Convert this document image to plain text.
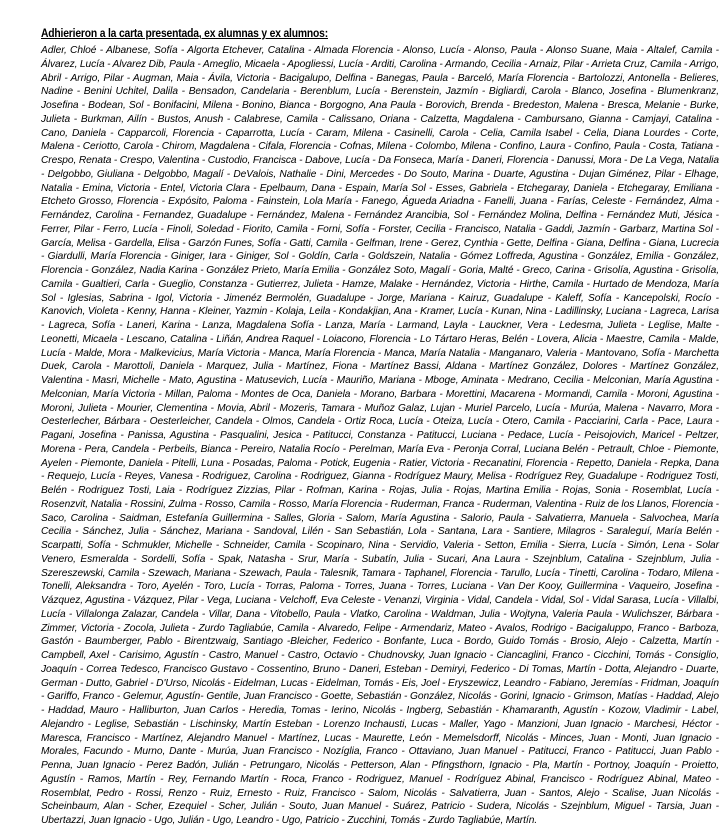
Adhierieron a la carta presentada, ex alumnas y ex alumnos:

Adler, Chloé - Albanese, Sofía - Algorta Etchever, Catalina - Almada Florencia - Alonso, Lucía - Alonso, Paula - Alonso Suane, Maia - Altalef, Camila - Álvarez, Lucía - Alvarez Dib, Paula - Ameglio, Micaela - Apogliessi, Lucía - Arditi, Carolina - Armando, Cecilia - Arnaiz, Pilar - Arrieta Cruz, Camila - Arrigo, Abril - Arrigo, Pilar - Augman, Maia - Ávila, Victoria - Bacigalupo, Delfina - Banegas, Paula - Barceló, María Florencia - Bartolozzi, Antonella - Belieres, Nadine - Benini Uchitel, Dalila - Bensadon, Candelaria - Berenblum, Lucía - Berenstein, Jazmín - Bigliardi, Carola - Blanco, Josefina - Blumenkranz, Josefina - Bodean, Sol - Bonifacini, Milena - Bonino, Bianca - Borgogno, Ana Paula - Borovich, Brenda - Bredeston, Malena - Bresca, Melanie - Burke, Julieta - Burkman, Ailín - Bustos, Anush - Calabrese, Camila - Calissano, Oriana - Calzetta, Magdalena - Cambursano, Gianna - Camjayi, Catalina - Cano, Daniela - Capparcoli, Florencia - Caparrotta, Lucía - Caram, Milena - Casinelli, Carola - Celia, Camila Isabel - Celia, Diana Lourdes - Corte, Malena - Ceriotto, Carola - Chirom, Magdalena - Cifala, Florencia - Cofnas, Milena - Colombo, Milena - Confino, Laura - Confino, Paula - Costa, Tatiana - Crespo, Renata - Crespo, Valentina - Custodio, Francisca - Dabove, Lucía - Da Fonseca, María - Daneri, Florencia - Danussi, Mora - De La Vega, Natalia - Delgobbo, Giuliana - Delgobbo, Magalí - DeValois, Nathalie - Dini, Mercedes - Do Souto, Marina - Duarte, Agustina - Dujan Giménez, Pilar - Elhage, Natalia - Emina, Victoria - Entel, Victoria Clara - Epelbaum, Dana - Espain, María Sol - Esses, Gabriela - Etchegaray, Daniela - Etchegaray, Emiliana - Etcheto Grosso, Florencia - Expósito, Paloma - Fainstein, Lola María - Fanego, Águeda Ariadna - Fanelli, Juana - Farías, Celeste - Fernández, Alma - Fernández, Carolina - Fernandez, Guadalupe - Fernández, Malena - Fernández Arancibia, Sol - Fernández Molina, Delfina - Fernández Muti, Jésica - Ferrer, Pilar - Ferro, Lucía - Finoli, Soledad - Fiorito, Camila - Forni, Sofía - Forster, Cecilia - Francisco, Natalia - Gaddi, Jazmín - Garbarz, Martina Sol - García, Melisa - Gardella, Elisa - Garzón Funes, Sofía - Gatti, Camila - Gelfman, Irene - Gerez, Cynthia - Gette, Delfina - Giana, Delfina - Giana, Lucrecia - Giardulli, María Florencia - Giniger, Iara - Giniger, Sol - Goldín, Carla - Goldszein, Natalia - Gómez Loffreda, Agustina - González, Emilia - González, Florencia - González, Nadia Karina - González Prieto, María Emilia - González Soto, Magalí - Goria, Malté - Greco, Carina - Grisolía, Agustina - Grisolía, Camila - Gualtieri, Carla - Gueglio, Constanza - Gutierrez, Julieta - Hamze, Malake - Hernández, Victoria - Hirthe, Camila - Hurtado de Mendoza, María Sol - Iglesias, Sabrina - Igol, Victoria - Jimenéz Bermolén, Guadalupe - Jorge, Mariana - Kairuz, Guadalupe - Kaleff, Sofía - Kancepolski, Rocío - Kanovich, Violeta - Kenny, Hanna - Kleiner, Yazmin - Kolaja, Leila - Kondakjian, Ana - Kramer, Lucía - Kunan, Nina - Ladillinsky, Luciana - Lagreca, Larisa - Lagreca, Sofía - Laneri, Karina - Lanza, Magdalena Sofía - Lanza, María - Larmand, Layla - Lauckner, Vera - Ledesma, Julieta - Leglise, Malte - Leonetti, Micaela - Lescano, Catalina - Liñán, Andrea Raquel - Loiacono, Florencia - Lo Tártaro Heras, Belén - Lovera, Alicia - Maestre, Camila - Malde, Lucía - Malde, Mora - Malkevicius, María Victoria - Manca, María Florencia - Manca, María Natalia - Manganaro, Valeria - Mantovano, Sofía - Marchetta Duek, Carola - Marottoli, Daniela - Marquez, Julia - Martínez, Fiona - Martínez Bassi, Aldana - Martínez González, Dolores - Martínez González, Valentina - Masri, Michelle - Mato, Agustina - Matusevich, Lucía - Mauriño, Mariana - Mboge, Aminata - Medrano, Cecilia - Melconian, María Agustina - Melconian, María Victoria - Millan, Paloma - Montes de Oca, Daniela - Morano, Barbara - Morettini, Macarena - Mormandi, Camila - Moroni, Agustina - Moroni, Julieta - Mourier, Clementina - Movia, Abril - Mozeris, Tamara - Muñoz Galaz, Lujan - Muriel Parcelo, Lucía - Murúa, Malena - Navarro, Mora - Oesterlecher, Bárbara - Oesterleicher, Candela - Olmos, Candela - Ortiz Roca, Lucía - Oteiza, Lucía - Otero, Camila - Pacciarini, Carla - Pace, Laura - Pagani, Josefina - Panissa, Agustina - Pasqualini, Jesica - Patitucci, Constanza - Patitucci, Luciana - Pedace, Lucía - Peisojovich, Maricel - Peltzer, Morena - Pera, Candela - Perbeils, Bianca - Pereiro, Natalia Rocío - Perelman, María Eva - Peronja Corral, Luciana Belén - Petrault, Chloe - Piemonte, Ayelen - Piemonte, Daniela - Pitelli, Luna - Posadas, Paloma - Potick, Eugenia - Ratier, Victoria - Recanatini, Florencia - Repetto, Daniela - Repka, Dana - Requejo, Lucía - Reyes, Vanesa - Rodriguez, Carolina - Rodriguez, Gianna - Rodríguez Maury, Melisa - Rodríguez Rey, Guadalupe - Rodriguez Tosti, Belén - Rodriguez Tosti, Laia - Rodríguez Zizzias, Pilar - Rofman, Karina - Rojas, Julia - Rojas, Martina Emilia - Rojas, Sonia - Rosemblat, Lucía - Rosenzvit, Natalia - Rossini, Zulma - Rosso, Camila - Rosso, María Florencia - Ruderman, Franca - Ruderman, Valentina - Ruiz de los Llanos, Florencia - Saco, Carolina - Saidman, Estefanía Guillermina - Salles, Gloria - Salom, María Agustina - Salorio, Paula - Salvatierra, Manuela - Salvochea, María Cecilia - Sánchez, Julia - Sánchez, Mariana - Sandoval, Lilén - San Sebastián, Lola - Santana, Lara - Santiere, Milagros - Saraleguí, María Belén - Scarpatti, Sofía - Schmukler, Michelle - Schneider, Camila - Scopinaro, Nina - Servidio, Valeria - Setton, Emilia - Sierra, Lucía - Simón, Lena - Solar Venero, Esmeralda - Sordelli, Sofía - Spak, Natasha - Srur, María - Subatín, Julia - Sucari, Ana Laura - Szejnblum, Catalina - Szejnblum, Julia - Szereszewski, Camila - Szewach, Mariana - Szewach, Paula - Talesnik, Tamara - Taphanel, Florencia - Tarullo, Lucía - Tinetti, Carolina - Todaro, Milena - Tonelli, Aleksandra - Toro, Ayelén - Toro, Lucía - Torras, Paloma - Torres, Juana - Torres, Luciana - Van Der Kooy, Guillermina - Vaqueiro, Josefina - Vázquez, Agustina - Vázquez, Pilar - Vega, Luciana - Velchoff, Eva Celeste - Venanzi, Virginia - Vidal, Candela - Vidal, Sol - Vidal Sarasa, Lucía - Villalbi, Lucía - Villalonga Zalazar, Candela - Villar, Dana - Vitobello, Paula - Vlatko, Carolina - Waldman, Julia - Wojtyna, Valeria Paula - Wulichszer, Bárbara - Zimmer, Victoria - Zocola, Julieta - Zurdo Tagliabúe, Camila - Alvaredo, Felipe - Armendariz, Mateo - Avalos, Rodrigo - Bacigaluppo, Franco - Barboza, Gastón - Baumberger, Pablo - Birentzwaig, Santiago -Bleicher, Federico - Bonfante, Luca - Bordo, Guido Tomás - Brosio, Alejo - Calzetta, Martín - Campbell, Axel - Carisimo, Agustín - Castro, Manuel - Castro, Octavio - Chudnovsky, Juan Ignacio - Ciancaglini, Franco - Cicchini, Tomás - Consiglio, Joaquín - Correa Tedesco, Francisco Gustavo - Cossentino, Bruno - Daneri, Esteban - Demiryi, Federico - Di Tomas, Martín - Dotta, Alejandro - Duarte, German - Dutto, Gabriel - D'Urso, Nicolás - Eidelman, Lucas - Eidelman, Tomás - Eis, Joel - Eryszewicz, Leandro - Fabiano, Jeremías - Fridman, Joaquín - Gariffo, Franco - Gelemur, Agustín- Gentile, Juan Francisco - Goette, Sebastián - González, Nicolás - Gorini, Ignacio - Grimson, Matías - Haddad, Alejo - Haddad, Mauro - Halliburton, Juan Carlos - Heredia, Tomas - Ierino, Nicolás - Ingberg, Sebastián - Khamaranth, Agustín - Kozow, Vladimir - Label, Alejandro - Leglise, Sebastián - Lischinsky, Martín Esteban - Lorenzo Inchausti, Lucas - Maller, Yago - Manzioni, Juan Ignacio - Marchesi, Héctor - Maresca, Francisco - Martínez, Alejandro Manuel - Martínez, Lucas - Maurette, León - Memelsdorff, Nicolás - Minces, Juan - Monti, Juan Ignacio - Morales, Facundo - Murno, Dante - Murúa, Juan Francisco - Nozíglia, Franco - Ottaviano, Juan Manuel - Patitucci, Franco - Patitucci, Juan Pablo - Penna, Juan Ignacio - Perez Badón, Julián - Petrungaro, Nicolás - Petterson, Alan - Pfingsthorn, Ignacio - Pla, Martín - Portnoy, Joaquín - Proietto, Agustín - Ramos, Martín - Rey, Fernando Martín - Roca, Franco - Rodriguez, Manuel - Rodríguez Abinal, Francisco - Rodríguez Abinal, Mateo - Rosemblat, Pedro - Rossi, Renzo - Ruiz, Ernesto - Ruiz, Francisco - Salom, Nicolás - Salvatierra, Juan - Santos, Alejo - Scalise, Juan Nicolás - Scheinbaum, Alan - Scher, Ezequiel - Scher, Julián - Souto, Juan Manuel - Suárez, Patricio - Sudera, Nicolás - Szejnblum, Miguel - Tarsia, Juan - Ubertazzi, Juan Ignacio - Ugo, Julián - Ugo, Leandro - Ugo, Patricio - Zucchini, Tomás - Zurdo Tagliabúe, Martín.
